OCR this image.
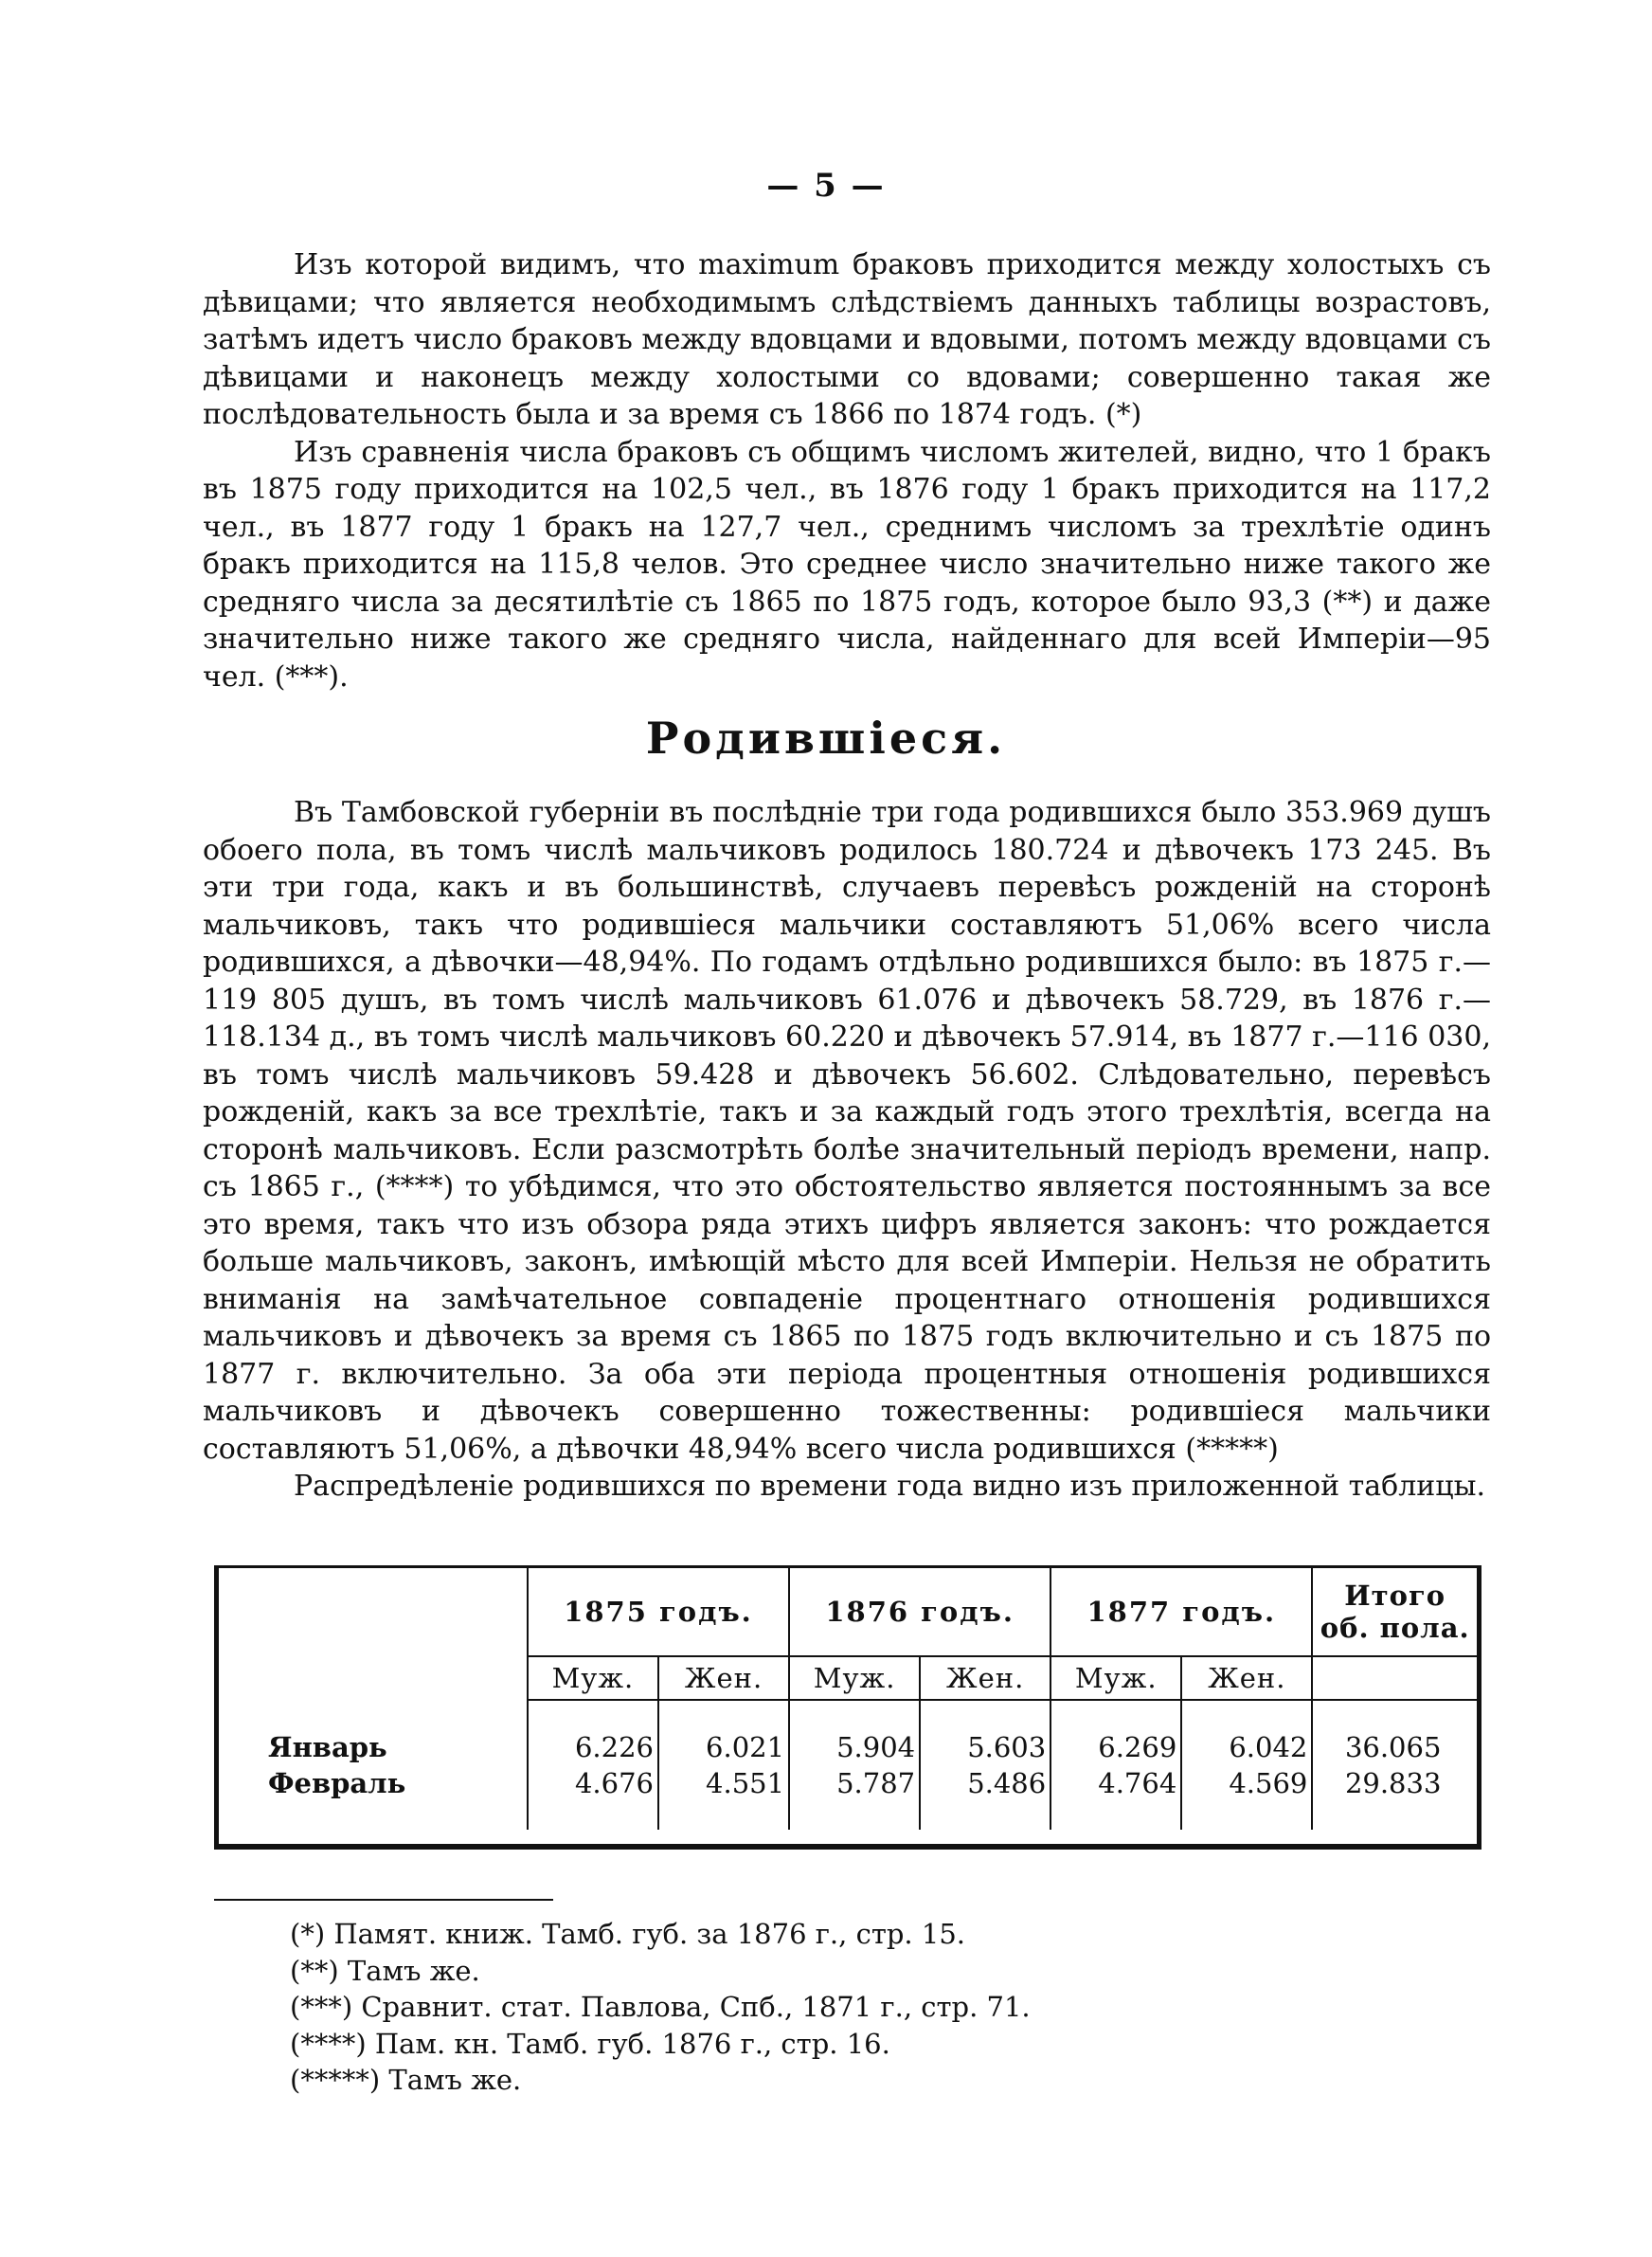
— 5 —

Изъ которой видимъ, что maximum браковъ приходится между холостыхъ съ дѣвицами; что является необходимымъ слѣдствіемъ данныхъ таблицы возрастовъ, затѣмъ идетъ число браковъ между вдовцами и вдовыми, потомъ между вдовцами съ дѣвицами и наконецъ между холостыми со вдовами; совершенно такая же послѣдовательность была и за время съ 1866 по 1874 годъ. (*)

Изъ сравненія числа браковъ съ общимъ числомъ жителей, видно, что 1 бракъ въ 1875 году приходится на 102,5 чел., въ 1876 году 1 бракъ приходится на 117,2 чел., въ 1877 году 1 бракъ на 127,7 чел., среднимъ числомъ за трехлѣтіе одинъ бракъ приходится на 115,8 челов. Это среднее число значительно ниже такого же средняго числа за десятилѣтіе съ 1865 по 1875 годъ, которое было 93,3 (**) и даже значительно ниже такого же средняго числа, найденнаго для всей Имперіи—95 чел. (***).

Родившіеся.

Въ Тамбовской губерніи въ послѣдніе три года родившихся было 353.969 душъ обоего пола, въ томъ числѣ мальчиковъ родилось 180.724 и дѣвочекъ 173 245. Въ эти три года, какъ и въ большинствѣ, случаевъ перевѣсъ рожденій на сторонѣ мальчиковъ, такъ что родившіеся мальчики составляютъ 51,06% всего числа родившихся, а дѣвочки—48,94%. По годамъ отдѣльно родившихся было: въ 1875 г.—119 805 душъ, въ томъ числѣ мальчиковъ 61.076 и дѣвочекъ 58.729, въ 1876 г.—118.134 д., въ томъ числѣ мальчиковъ 60.220 и дѣвочекъ 57.914, въ 1877 г.—116 030, въ томъ числѣ мальчиковъ 59.428 и дѣвочекъ 56.602. Слѣдовательно, перевѣсъ рожденій, какъ за все трехлѣтіе, такъ и за каждый годъ этого трехлѣтія, всегда на сторонѣ мальчиковъ. Если разсмотрѣть болѣе значительный періодъ времени, напр. съ 1865 г., (****) то убѣдимся, что это обстоятельство является постояннымъ за все это время, такъ что изъ обзора ряда этихъ цифръ является законъ: что рождается больше мальчиковъ, законъ, имѣющій мѣсто для всей Имперіи. Нельзя не обратить вниманія на замѣчательное совпаденіе процентнаго отношенія родившихся мальчиковъ и дѣвочекъ за время съ 1865 по 1875 годъ включительно и съ 1875 по 1877 г. включительно. За оба эти періода процентныя отношенія родившихся мальчиковъ и дѣвочекъ совершенно тожественны: родившіеся мальчики составляютъ 51,06%, а дѣвочки 48,94% всего числа родившихся (*****)

Распредѣленіе родившихся по времени года видно изъ приложенной таблицы.

	1875 годъ.		1876 годъ.		1877 годъ.		Итого
об. пола.

	Муж.	Жен.	Муж.	Жен.	Муж.	Жен.	

Январь	6.226	6.021	5.904	5.603	6.269	6.042	36.065
Февраль	4.676	4.551	5.787	5.486	4.764	4.569	29.833

(*) Памят. книж. Тамб. губ. за 1876 г., стр. 15.
(**) Тамъ же.
(***) Сравнит. стат. Павлова, Спб., 1871 г., стр. 71.
(****) Пам. кн. Тамб. губ. 1876 г., стр. 16.
(*****) Тамъ же.
